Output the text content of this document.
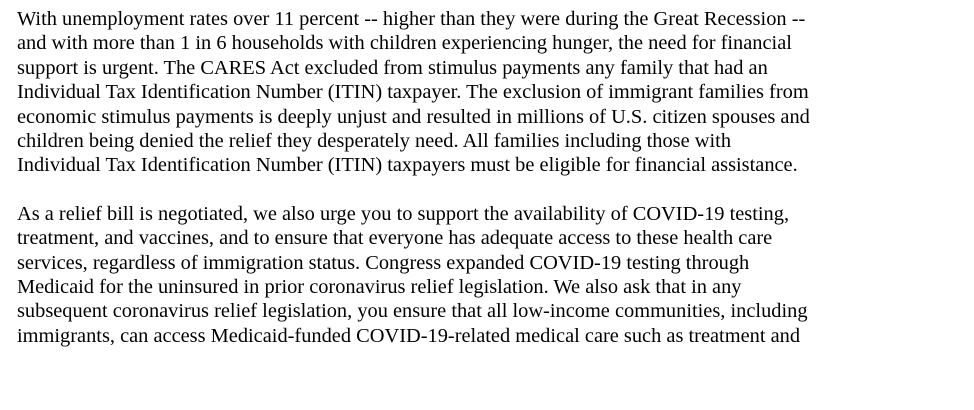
With unemployment rates over 11 percent -- higher than they were during the Great Recession --
and with more than 1 in 6 households with children experiencing hunger, the need for financial
support is urgent. The CARES Act excluded from stimulus payments any family that had an
Individual Tax Identification Number (ITIN) taxpayer. The exclusion of immigrant families from
economic stimulus payments is deeply unjust and resulted in millions of U.S. citizen spouses and
children being denied the relief they desperately need. All families including those with
Individual Tax Identification Number (ITIN) taxpayers must be eligible for financial assistance.

As a relief bill is negotiated, we also urge you to support the availability of COVID-19 testing,
treatment, and vaccines, and to ensure that everyone has adequate access to these health care
services, regardless of immigration status. Congress expanded COVID-19 testing through
Medicaid for the uninsured in prior coronavirus relief legislation. We also ask that in any
subsequent coronavirus relief legislation, you ensure that all low-income communities, including
immigrants, can access Medicaid-funded COVID-19-related medical care such as treatment and
